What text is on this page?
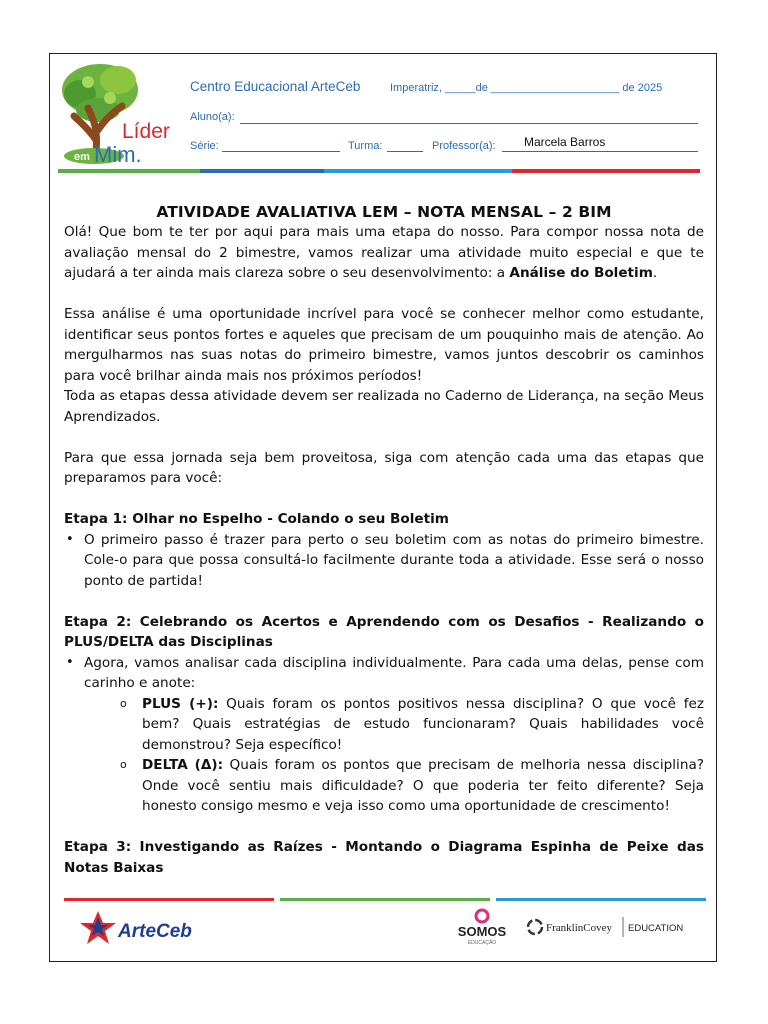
Líder
em Mim.
Centro Educacional ArteCeb	Imperatriz, _____de _____________________ de 2025
Aluno(a):
Série:	Turma:	Professor(a): Marcela Barros
ATIVIDADE AVALIATIVA LEM – NOTA MENSAL – 2 BIM

Olá! Que bom te ter por aqui para mais uma etapa do nosso. Para compor nossa nota de avaliação mensal do 2 bimestre, vamos realizar uma atividade muito especial e que te ajudará a ter ainda mais clareza sobre o seu desenvolvimento: a Análise do Boletim.

Essa análise é uma oportunidade incrível para você se conhecer melhor como estudante, identificar seus pontos fortes e aqueles que precisam de um pouquinho mais de atenção. Ao mergulharmos nas suas notas do primeiro bimestre, vamos juntos descobrir os caminhos para você brilhar ainda mais nos próximos períodos!

Toda as etapas dessa atividade devem ser realizada no Caderno de Liderança, na seção Meus Aprendizados.

Para que essa jornada seja bem proveitosa, siga com atenção cada uma das etapas que preparamos para você:

Etapa 1: Olhar no Espelho - Colando o seu Boletim

• O primeiro passo é trazer para perto o seu boletim com as notas do primeiro bimestre. Cole-o para que possa consultá-lo facilmente durante toda a atividade. Esse será o nosso ponto de partida!

Etapa 2: Celebrando os Acertos e Aprendendo com os Desafios - Realizando o PLUS/DELTA das Disciplinas

• Agora, vamos analisar cada disciplina individualmente. Para cada uma delas, pense com carinho e anote:
o PLUS (+): Quais foram os pontos positivos nessa disciplina? O que você fez bem? Quais estratégias de estudo funcionaram? Quais habilidades você demonstrou? Seja específico!
o DELTA (Δ): Quais foram os pontos que precisam de melhoria nessa disciplina? Onde você sentiu mais dificuldade? O que poderia ter feito diferente? Seja honesto consigo mesmo e veja isso como uma oportunidade de crescimento!

Etapa 3: Investigando as Raízes - Montando o Diagrama Espinha de Peixe das Notas Baixas

ArteCeb	SOMOS
EDUCAÇÃO
FranklinCovey EDUCATION
